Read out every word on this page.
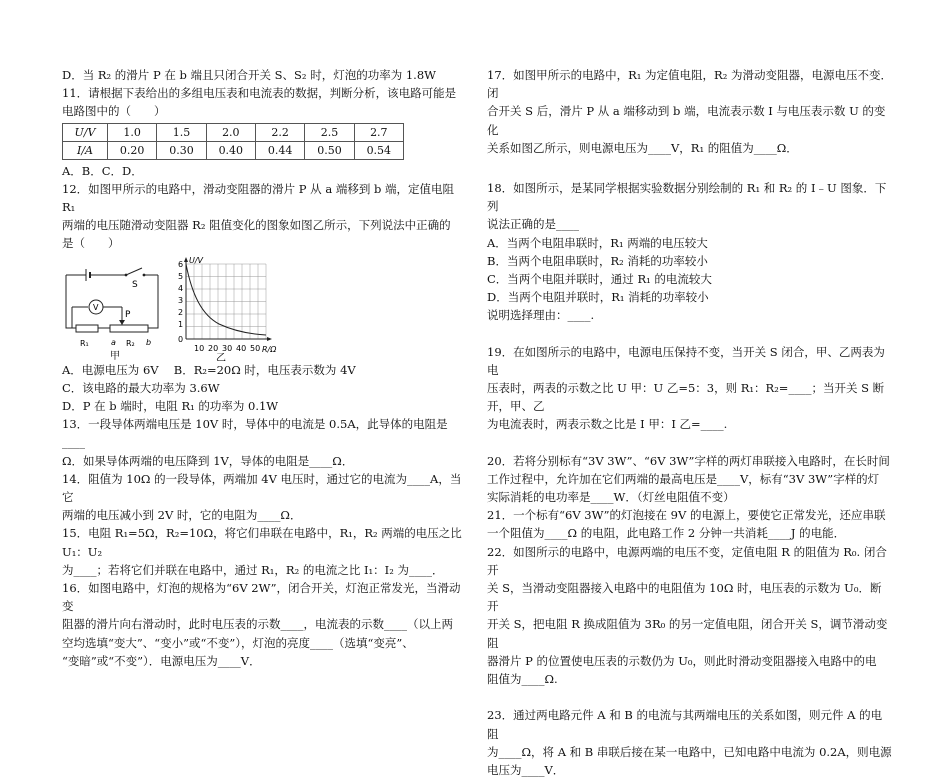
D．当 R₂ 的滑片 P 在 b 端且只闭合开关 S、S₂ 时，灯泡的功率为 1.8W

11．请根据下表给出的多组电压表和电流表的数据，判断分析，该电路可能是

电路图中的（　　）

U/V	1.0	1.5	2.0	2.2	2.5	2.7
I/A	0.20	0.30	0.40	0.44	0.50	0.54

A．B．C．D．

12．如图甲所示的电路中，滑动变阻器的滑片 P 从 a 端移到 b 端，定值电阻 R₁

两端的电压随滑动变阻器 R₂ 阻值变化的图象如图乙所示，下列说法中正确的

是（　　）

S
V
P
R₁	a R₂ b
甲
U/V
R/Ω
6
5
4
3
2
1
0
10 20 30 40 50
乙

A．电源电压为 6V　 B．R₂=20Ω 时，电压表示数为 4V

C．该电路的最大功率为 3.6W

D．P 在 b 端时，电阻 R₁ 的功率为 0.1W

13．一段导体两端电压是 10V 时，导体中的电流是 0.5A，此导体的电阻是____

Ω．如果导体两端的电压降到 1V，导体的电阻是____Ω．

14．阻值为 10Ω 的一段导体，两端加 4V 电压时，通过它的电流为____A，当它

两端的电压减小到 2V 时，它的电阻为____Ω．

15．电阻 R₁=5Ω，R₂=10Ω，将它们串联在电路中，R₁，R₂ 两端的电压之比 U₁：U₂

为____；若将它们并联在电路中，通过 R₁，R₂ 的电流之比 I₁：I₂ 为____．

16．如图电路中，灯泡的规格为“6V 2W”，闭合开关，灯泡正常发光，当滑动变

阻器的滑片向右滑动时，此时电压表的示数____，电流表的示数____（以上两

空均选填“变大”、“变小”或“不变”），灯泡的亮度____（选填“变亮”、

“变暗”或“不变”）．电源电压为____V．

17．如图甲所示的电路中，R₁ 为定值电阻，R₂ 为滑动变阻器，电源电压不变．闭

合开关 S 后，滑片 P 从 a 端移动到 b 端，电流表示数 I 与电压表示数 U 的变化

关系如图乙所示，则电源电压为____V，R₁ 的阻值为____Ω．

18．如图所示，是某同学根据实验数据分别绘制的 R₁ 和 R₂ 的 I﹣U 图象．下列

说法正确的是____

A．当两个电阻串联时，R₁ 两端的电压较大

B．当两个电阻串联时，R₂ 消耗的功率较小

C．当两个电阻并联时，通过 R₁ 的电流较大

D．当两个电阻并联时，R₁ 消耗的功率较小

说明选择理由：____.

19．在如图所示的电路中，电源电压保持不变，当开关 S 闭合，甲、乙两表为电

压表时，两表的示数之比 U 甲：U 乙=5：3，则 R₁：R₂=____；当开关 S 断开，甲、乙

为电流表时，两表示数之比是 I 甲：I 乙=____.

20．若将分别标有“3V 3W”、“6V 3W”字样的两灯串联接入电路时，在长时间

工作过程中，允许加在它们两端的最高电压是____V，标有“3V 3W”字样的灯

实际消耗的电功率是____W．（灯丝电阻值不变）

21．一个标有“6V 3W”的灯泡接在 9V 的电源上，要使它正常发光，还应串联

一个阻值为____Ω 的电阻，此电路工作 2 分钟一共消耗____J 的电能．

22．如图所示的电路中，电源两端的电压不变，定值电阻 R 的阻值为 R₀. 闭合开

关 S，当滑动变阻器接入电路中的电阻值为 10Ω 时，电压表的示数为 U₀．断开

开关 S，把电阻 R 换成阻值为 3R₀ 的另一定值电阻，闭合开关 S，调节滑动变阻

器滑片 P 的位置使电压表的示数仍为 U₀，则此时滑动变阻器接入电路中的电

阻值为____Ω.

23．通过两电路元件 A 和 B 的电流与其两端电压的关系如图，则元件 A 的电阻

为____Ω，将 A 和 B 串联后接在某一电路中，已知电路中电流为 0.2A，则电源

电压为____V．
